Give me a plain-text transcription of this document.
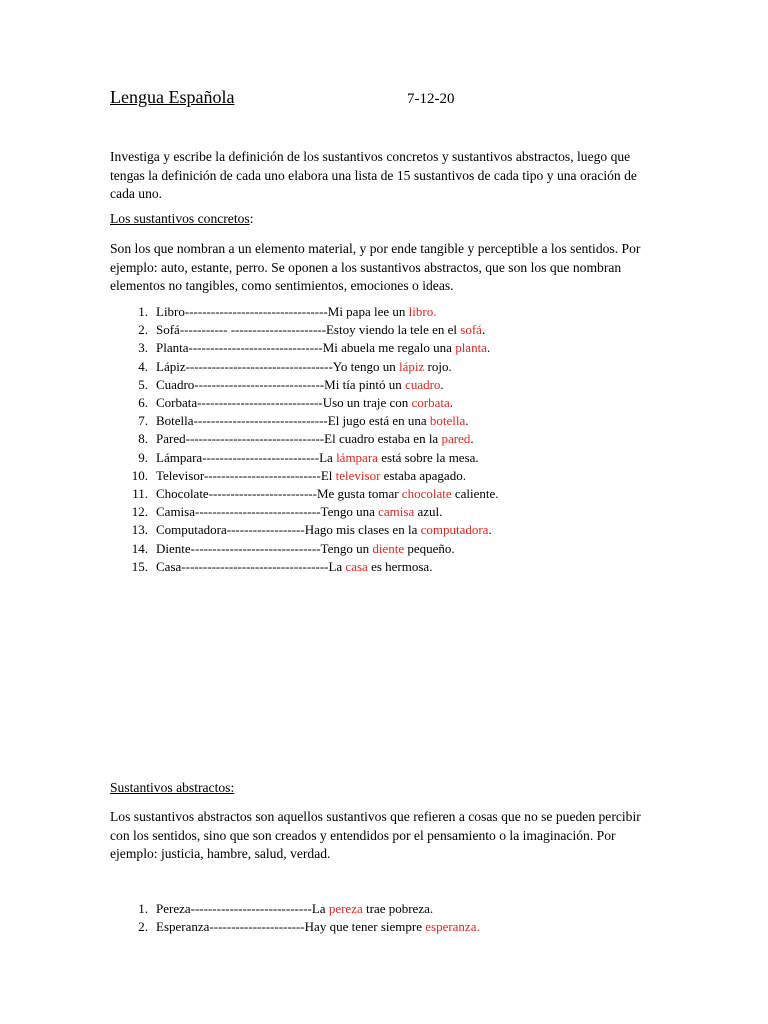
Lengua Española	7-12-20
Investiga y escribe la definición de los sustantivos concretos y sustantivos abstractos, luego que tengas la definición de cada uno elabora una lista de 15 sustantivos de cada tipo y una oración de cada uno.
Los sustantivos concretos:
Son los que nombran a un elemento material, y por ende tangible y perceptible a los sentidos. Por ejemplo: auto, estante, perro. Se oponen a los sustantivos abstractos, que son los que nombran elementos no tangibles, como sentimientos, emociones o ideas.
1. Libro---------------------------------Mi papa lee un libro.
2. Sofá----------- ----------------------Estoy viendo la tele en el sofá.
3. Planta-------------------------------Mi abuela me regalo una planta.
4. Lápiz----------------------------------Yo tengo un lápiz rojo.
5. Cuadro------------------------------Mi tía pintó un cuadro.
6. Corbata-----------------------------Uso un traje con corbata.
7. Botella-------------------------------El jugo está en una botella.
8. Pared--------------------------------El cuadro estaba en la pared.
9. Lámpara---------------------------La lámpara está sobre la mesa.
10. Televisor---------------------------El televisor estaba apagado.
11. Chocolate-------------------------Me gusta tomar chocolate caliente.
12. Camisa-----------------------------Tengo una camisa azul.
13. Computadora------------------Hago mis clases en la computadora.
14. Diente------------------------------Tengo un diente pequeño.
15. Casa----------------------------------La casa es hermosa.
Sustantivos abstractos:
Los sustantivos abstractos son aquellos sustantivos que refieren a cosas que no se pueden percibir con los sentidos, sino que son creados y entendidos por el pensamiento o la imaginación. Por ejemplo: justicia, hambre, salud, verdad.
1. Pereza----------------------------La pereza trae pobreza.
2. Esperanza----------------------Hay que tener siempre esperanza.
